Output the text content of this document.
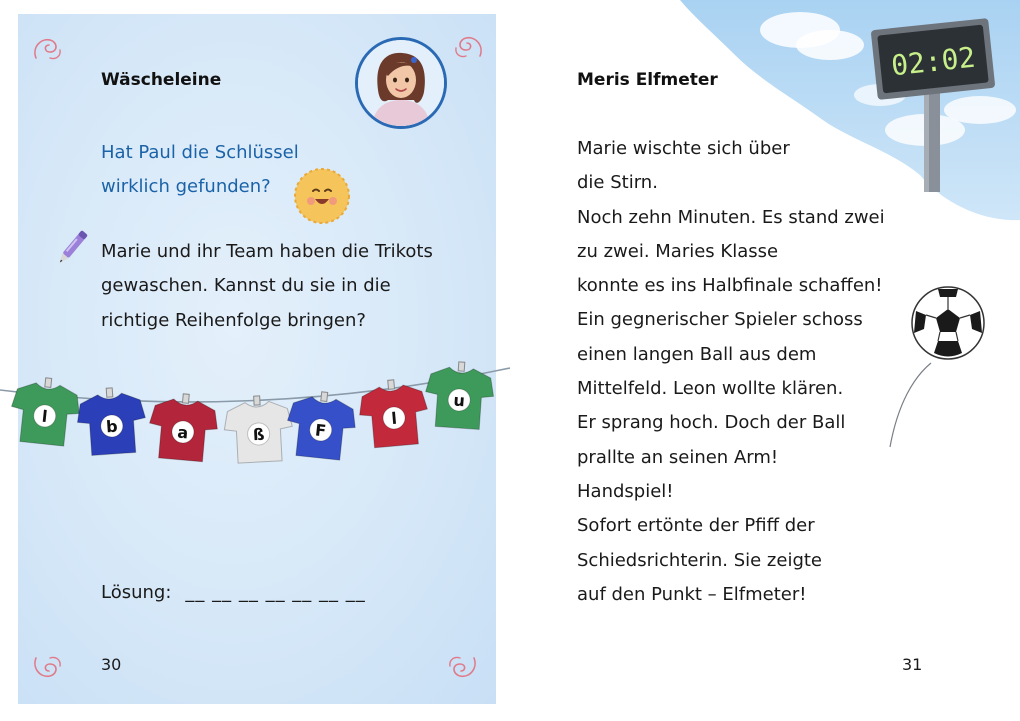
Wäscheleine
Hat Paul die Schlüssel
wirklich gefunden?
Marie und ihr Team haben die Trikots
gewaschen. Kannst du sie in die
richtige Reihenfolge bringen?
l
b	a	ß	F
l
u
Lösung: __ __ __ __ __ __ __
30
02:02
Meris Elfmeter
Marie wischte sich über
die Stirn.
Noch zehn Minuten. Es stand zwei
zu zwei. Maries Klasse
konnte es ins Halbfinale schaffen!
Ein gegnerischer Spieler schoss
einen langen Ball aus dem
Mittelfeld. Leon wollte klären.
Er sprang hoch. Doch der Ball
prallte an seinen Arm!
Handspiel!
Sofort ertönte der Pfiff der
Schiedsrichterin. Sie zeigte
auf den Punkt – Elfmeter!
31
